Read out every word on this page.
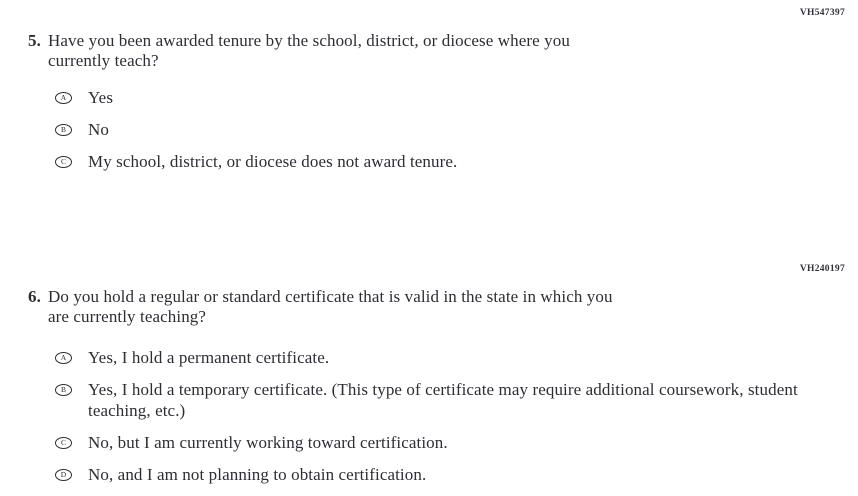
VH547397
5. Have you been awarded tenure by the school, district, or diocese where you
currently teach?
A Yes
B No
C My school, district, or diocese does not award tenure.
VH240197
6. Do you hold a regular or standard certificate that is valid in the state in which you
are currently teaching?
A Yes, I hold a permanent certificate.
B Yes, I hold a temporary certificate. (This type of certificate may require additional coursework, student teaching, etc.)
C No, but I am currently working toward certification.
D No, and I am not planning to obtain certification.
